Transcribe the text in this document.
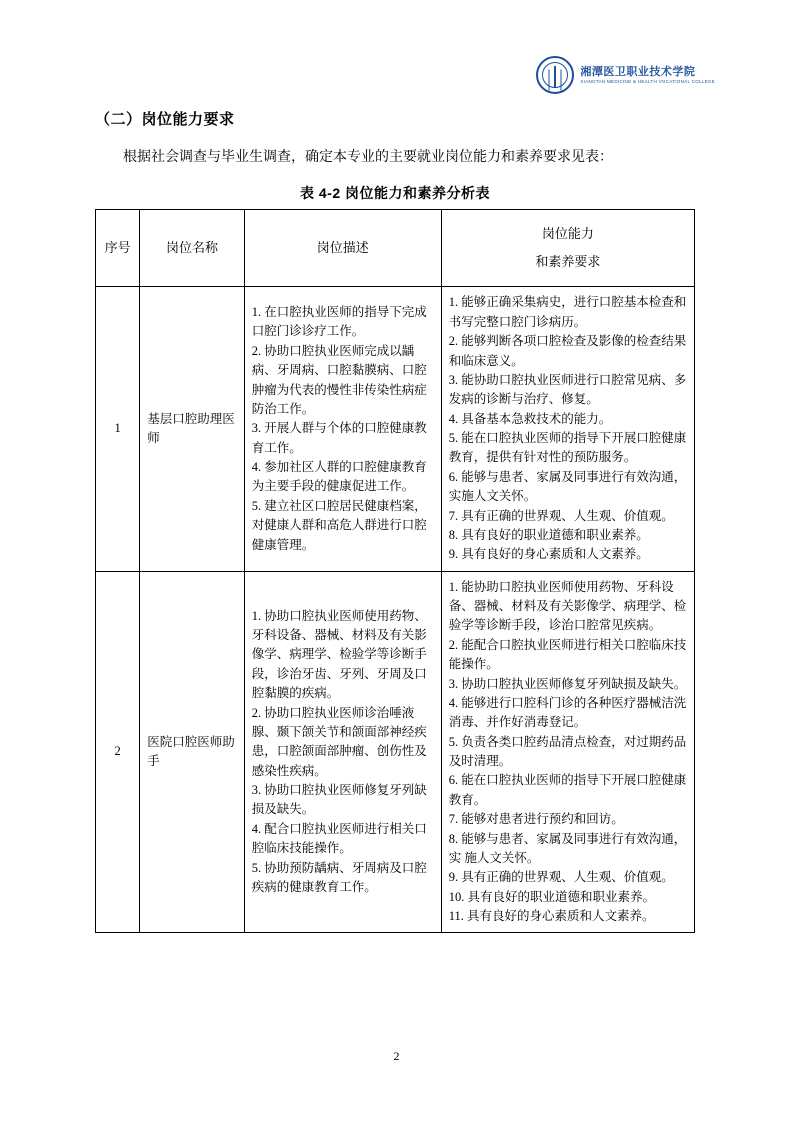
湘潭医卫职业技术学院
XIANGTAN MEDICINE & HEALTH VOCATIONAL COLLEGE
（二）岗位能力要求

根据社会调查与毕业生调查，确定本专业的主要就业岗位能力和素养要求见表：

表 4-2 岗位能力和素养分析表
序号	岗位名称	岗位描述	岗位能力
和素养要求

1	基层口腔助理医师	
1. 在口腔执业医师的指导下完成口腔门诊诊疗工作。
2. 协助口腔执业医师完成以龋病、牙周病、口腔黏膜病、口腔肿瘤为代表的慢性非传染性病症防治工作。
3. 开展人群与个体的口腔健康教育工作。
4. 参加社区人群的口腔健康教育为主要手段的健康促进工作。
5. 建立社区口腔居民健康档案，对健康人群和高危人群进行口腔健康管理。

1. 能够正确采集病史，进行口腔基本检查和书写完整口腔门诊病历。
2. 能够判断各项口腔检查及影像的检查结果和临床意义。
3. 能协助口腔执业医师进行口腔常见病、多发病的诊断与治疗、修复。
4. 具备基本急救技术的能力。
5. 能在口腔执业医师的指导下开展口腔健康教育，提供有针对性的预防服务。
6. 能够与患者、家属及同事进行有效沟通，实施人文关怀。
7. 具有正确的世界观、人生观、价值观。
8. 具有良好的职业道德和职业素养。
9. 具有良好的身心素质和人文素养。

2	医院口腔医师助手	
1. 协助口腔执业医师使用药物、牙科设备、器械、材料及有关影像学、病理学、检验学等诊断手段，诊治牙齿、牙列、牙周及口腔黏膜的疾病。
2. 协助口腔执业医师诊治唾液腺、颞下颌关节和颌面部神经疾患，口腔颌面部肿瘤、创伤性及感染性疾病。
3. 协助口腔执业医师修复牙列缺损及缺失。
4. 配合口腔执业医师进行相关口腔临床技能操作。
5. 协助预防龋病、牙周病及口腔疾病的健康教育工作。

1. 能协助口腔执业医师使用药物、牙科设备、器械、材料及有关影像学、病理学、检验学等诊断手段，诊治口腔常见疾病。
2. 能配合口腔执业医师进行相关口腔临床技能操作。
3. 协助口腔执业医师修复牙列缺损及缺失。
4. 能够进行口腔科门诊的各种医疗器械洁洗消毒、并作好消毒登记。
5. 负责各类口腔药品清点检查，对过期药品及时清理。
6. 能在口腔执业医师的指导下开展口腔健康教育。
7. 能够对患者进行预约和回访。
8. 能够与患者、家属及同事进行有效沟通，实 施人文关怀。
9. 具有正确的世界观、人生观、价值观。
10. 具有良好的职业道德和职业素养。
11. 具有良好的身心素质和人文素养。
2
